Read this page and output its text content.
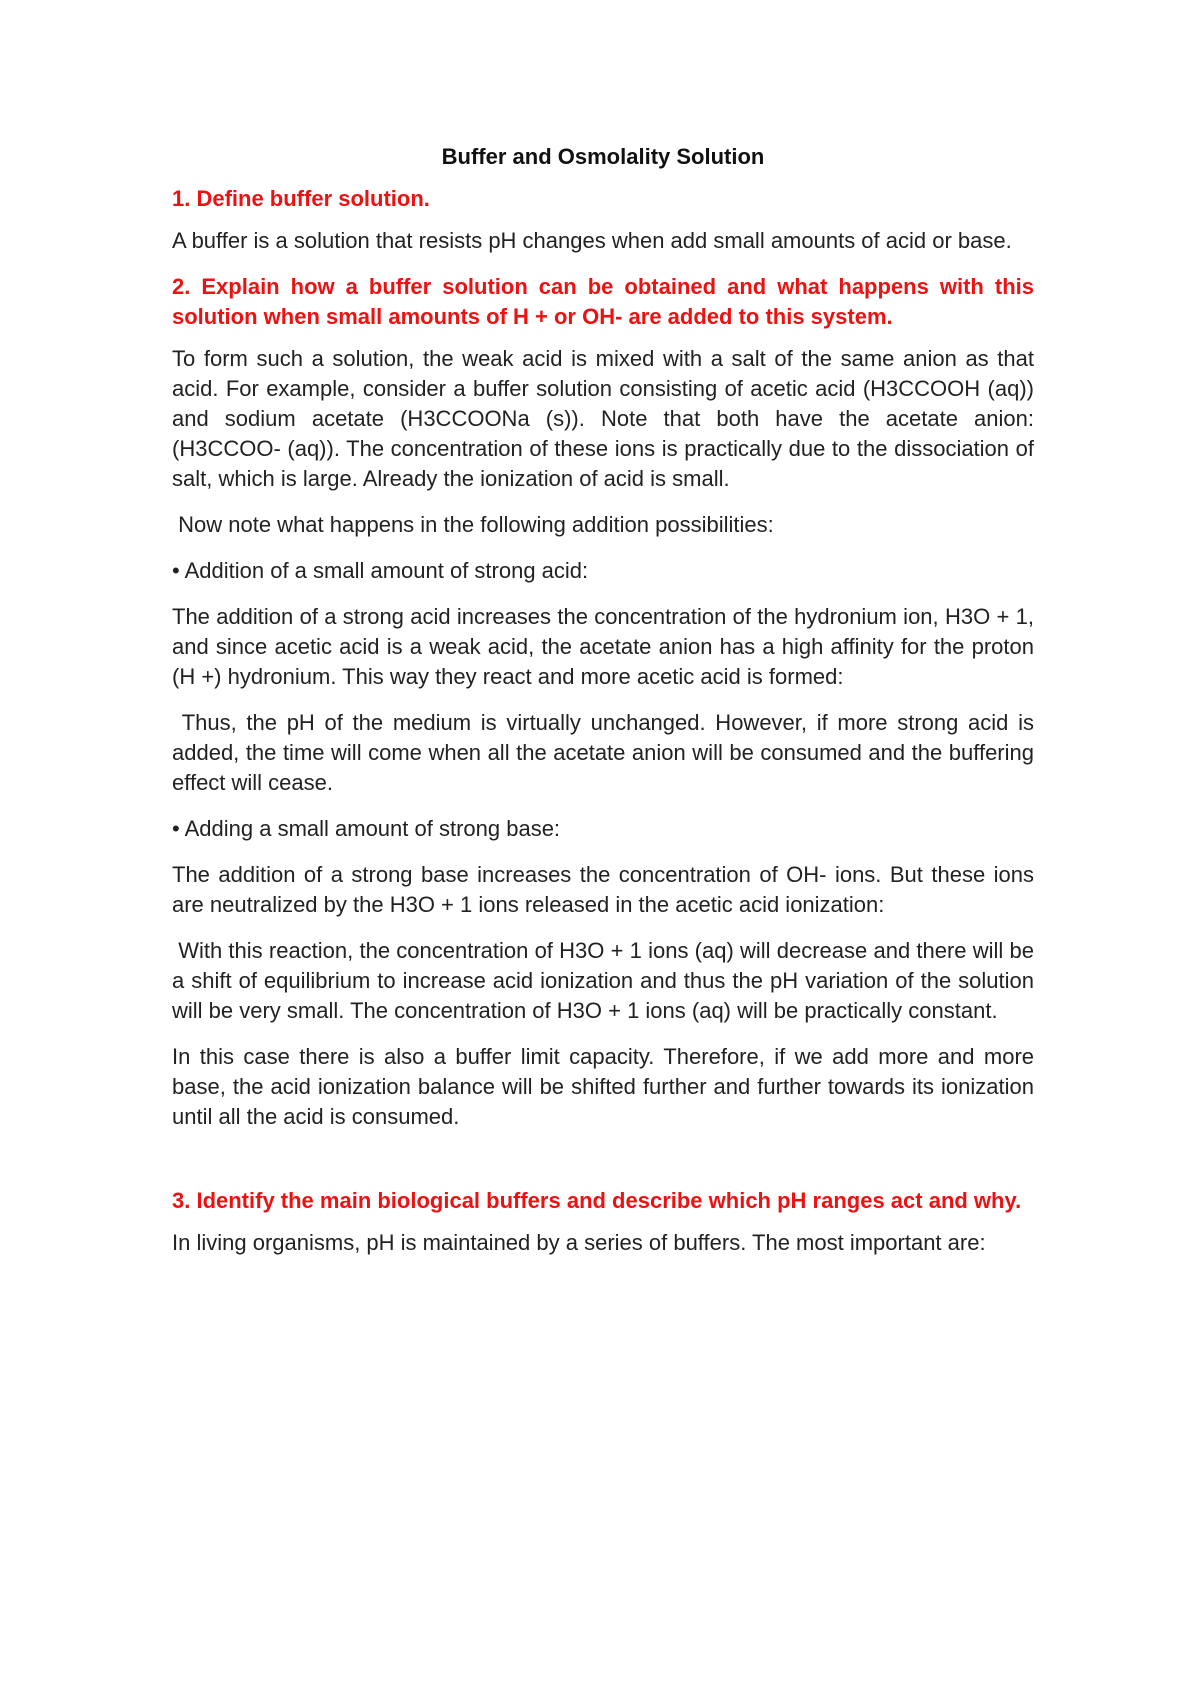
Buffer and Osmolality Solution
1. Define buffer solution.
A buffer is a solution that resists pH changes when add small amounts of acid or base.
2. Explain how a buffer solution can be obtained and what happens with this solution when small amounts of H + or OH- are added to this system.
To form such a solution, the weak acid is mixed with a salt of the same anion as that acid. For example, consider a buffer solution consisting of acetic acid (H3CCOOH (aq)) and sodium acetate (H3CCOONa (s)). Note that both have the acetate anion: (H3CCOO- (aq)). The concentration of these ions is practically due to the dissociation of salt, which is large. Already the ionization of acid is small.
Now note what happens in the following addition possibilities:
• Addition of a small amount of strong acid:
The addition of a strong acid increases the concentration of the hydronium ion, H3O + 1, and since acetic acid is a weak acid, the acetate anion has a high affinity for the proton (H +) hydronium. This way they react and more acetic acid is formed:
Thus, the pH of the medium is virtually unchanged. However, if more strong acid is added, the time will come when all the acetate anion will be consumed and the buffering effect will cease.
• Adding a small amount of strong base:
The addition of a strong base increases the concentration of OH- ions. But these ions are neutralized by the H3O + 1 ions released in the acetic acid ionization:
With this reaction, the concentration of H3O + 1 ions (aq) will decrease and there will be a shift of equilibrium to increase acid ionization and thus the pH variation of the solution will be very small. The concentration of H3O + 1 ions (aq) will be practically constant.
In this case there is also a buffer limit capacity. Therefore, if we add more and more base, the acid ionization balance will be shifted further and further towards its ionization until all the acid is consumed.
3. Identify the main biological buffers and describe which pH ranges act and why.
In living organisms, pH is maintained by a series of buffers. The most important are:
